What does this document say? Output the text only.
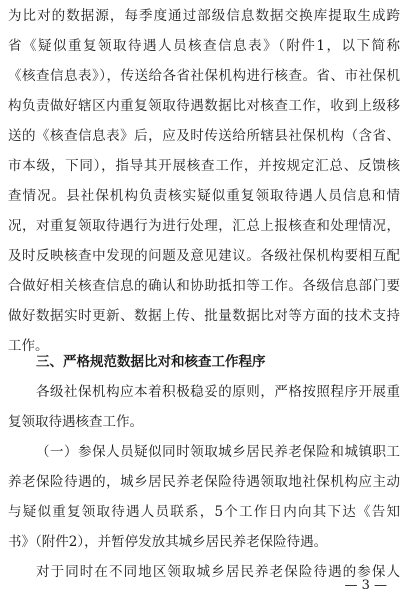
为比对的数据源，每季度通过部级信息数据交换库提取生成跨
省《疑似重复领取待遇人员核查信息表》（附件1，以下简称
《核查信息表》），传送给各省社保机构进行核查。省、市社保机
构负责做好辖区内重复领取待遇数据比对核查工作，收到上级移
送的《核查信息表》后，应及时传送给所辖县社保机构（含省、
市本级，下同），指导其开展核查工作，并按规定汇总、反馈核
查情况。县社保机构负责核实疑似重复领取待遇人员信息和情
况，对重复领取待遇行为进行处理，汇总上报核查和处理情况，
及时反映核查中发现的问题及意见建议。各级社保机构要相互配
合做好相关核查信息的确认和协助抵扣等工作。各级信息部门要
做好数据实时更新、数据上传、批量数据比对等方面的技术支持
工作。
三、严格规范数据比对和核查工作程序
各级社保机构应本着积极稳妥的原则，严格按照程序开展重
复领取待遇核查工作。
（一）参保人员疑似同时领取城乡居民养老保险和城镇职工
养老保险待遇的，城乡居民养老保险待遇领取地社保机构应主动
与疑似重复领取待遇人员联系，5个工作日内向其下达《告知
书》（附件2），并暂停发放其城乡居民养老保险待遇。
对于同时在不同地区领取城乡居民养老保险待遇的参保人
— 3 —
